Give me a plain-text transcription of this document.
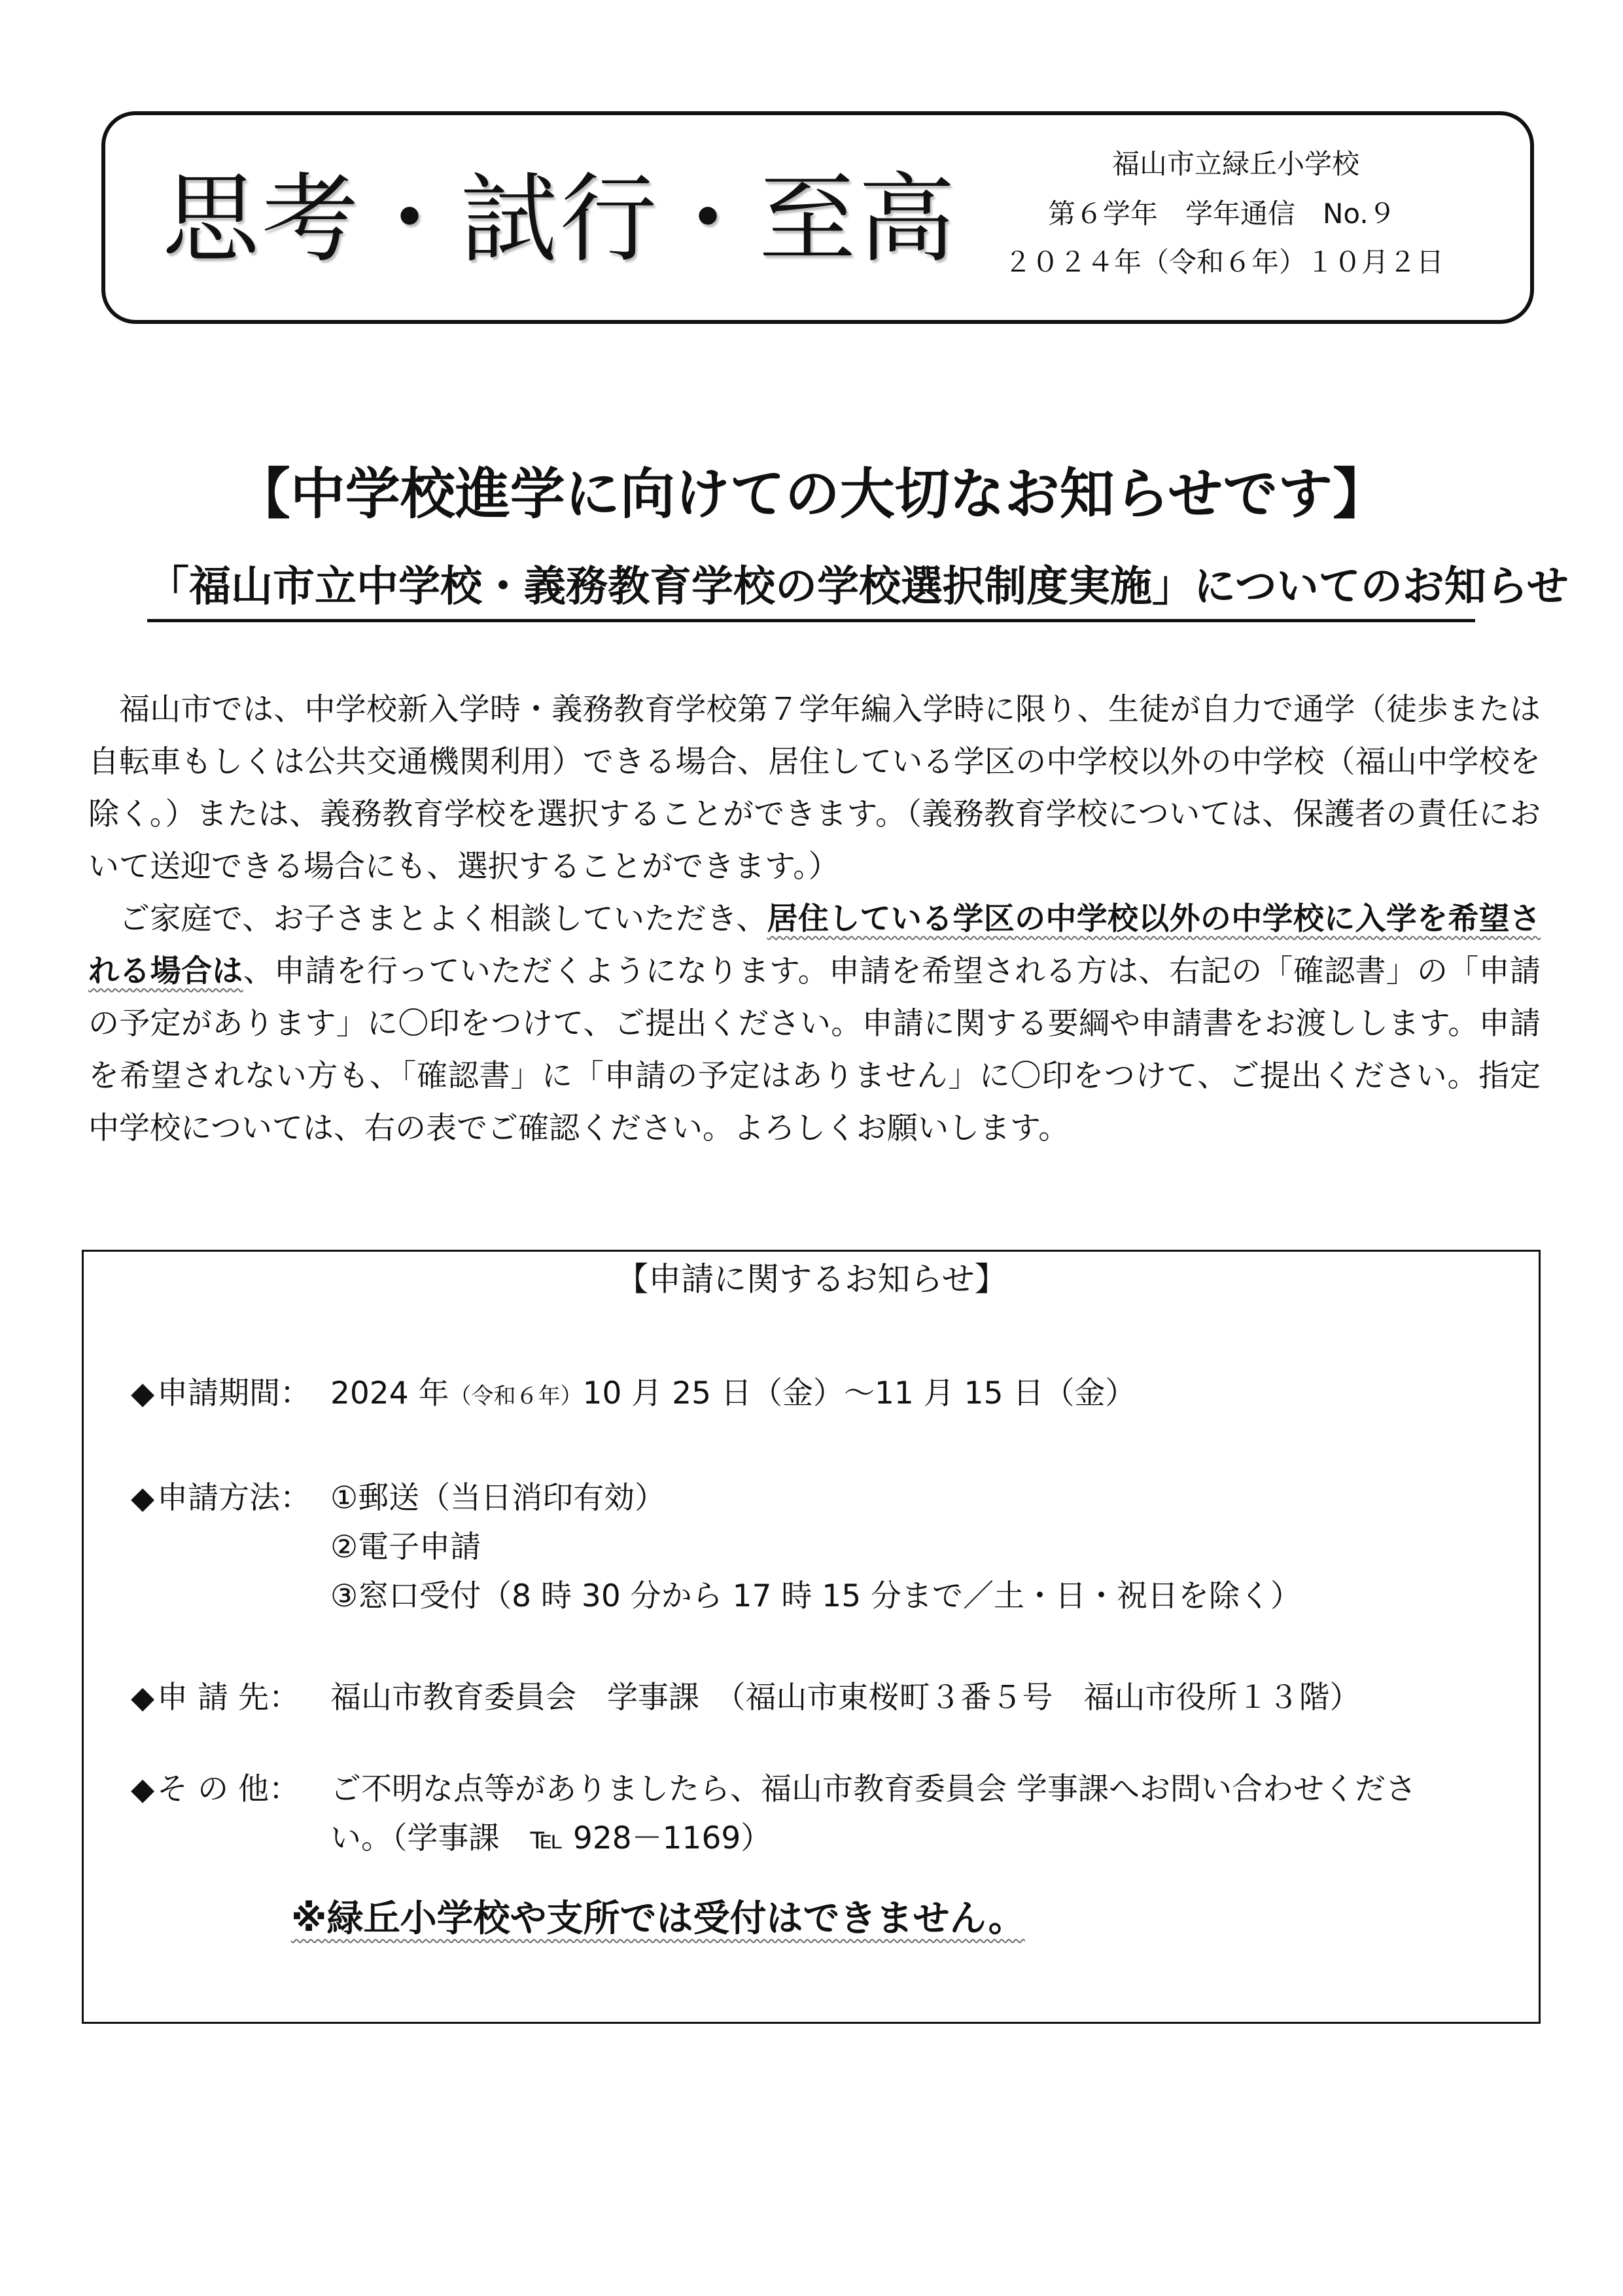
思考・試行・至高	福山市立緑丘小学校
第６学年　学年通信　No.９
２０２４年（令和６年）１０月２日
【中学校進学に向けての大切なお知らせです】
「福山市立中学校・義務教育学校の学校選択制度実施」についてのお知らせ
福山市では、中学校新入学時・義務教育学校第７学年編入学時に限り、生徒が自力で通学（徒歩または自転車もしくは公共交通機関利用）できる場合、居住している学区の中学校以外の中学校（福山中学校を除く。）または、義務教育学校を選択することができます。（義務教育学校については、保護者の責任において送迎できる場合にも、選択することができます。）
ご家庭で、お子さまとよく相談していただき、居住している学区の中学校以外の中学校に入学を希望される場合は、申請を行っていただくようになります。申請を希望される方は、右記の「確認書」の「申請の予定があります」に〇印をつけて、ご提出ください。申請に関する要綱や申請書をお渡しします。申請を希望されない方も、「確認書」に「申請の予定はありません」に〇印をつけて、ご提出ください。指定中学校については、右の表でご確認ください。よろしくお願いします。
【申請に関するお知らせ】
◆申請期間： 2024 年（令和６年）10 月 25 日（金）～11 月 15 日（金）
◆申請方法： ①郵送（当日消印有効）
②電子申請
③窓口受付（8 時 30 分から 17 時 15 分まで／土・日・祝日を除く）
◆申 請 先： 福山市教育委員会　学事課　（福山市東桜町３番５号　福山市役所１３階）
◆そ の 他： ご不明な点等がありましたら、福山市教育委員会 学事課へお問い合わせくださ
い。（学事課　℡ 928－1169）
※緑丘小学校や支所では受付はできません。
